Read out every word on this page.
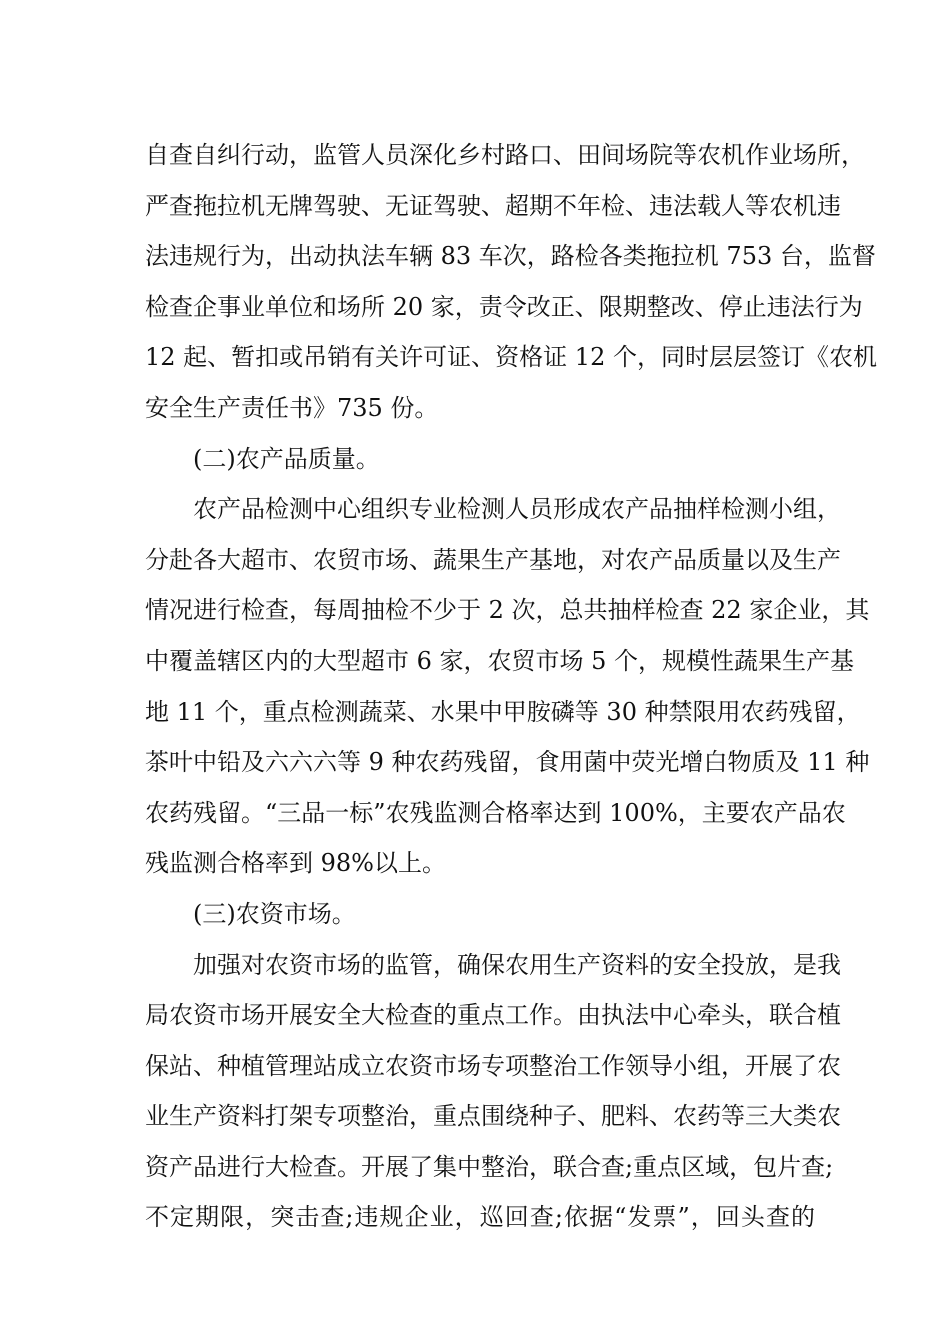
自查自纠行动，监管人员深化乡村路口、田间场院等农机作业场所，
严查拖拉机无牌驾驶、无证驾驶、超期不年检、违法载人等农机违
法违规行为，出动执法车辆 83 车次，路检各类拖拉机 753 台，监督
检查企事业单位和场所 20 家，责令改正、限期整改、停止违法行为
12 起、暂扣或吊销有关许可证、资格证 12 个，同时层层签订《农机
安全生产责任书》735 份。
(二)农产品质量。
农产品检测中心组织专业检测人员形成农产品抽样检测小组，
分赴各大超市、农贸市场、蔬果生产基地，对农产品质量以及生产
情况进行检查，每周抽检不少于 2 次，总共抽样检查 22 家企业，其
中覆盖辖区内的大型超市 6 家，农贸市场 5 个，规模性蔬果生产基
地 11 个，重点检测蔬菜、水果中甲胺磷等 30 种禁限用农药残留，
茶叶中铅及六六六等 9 种农药残留，食用菌中荧光增白物质及 11 种
农药残留。“三品一标”农残监测合格率达到 100%，主要农产品农
残监测合格率到 98%以上。
(三)农资市场。
加强对农资市场的监管，确保农用生产资料的安全投放，是我
局农资市场开展安全大检查的重点工作。由执法中心牵头，联合植
保站、种植管理站成立农资市场专项整治工作领导小组，开展了农
业生产资料打架专项整治，重点围绕种子、肥料、农药等三大类农
资产品进行大检查。开展了集中整治，联合查;重点区域，包片查;
不定期限，突击查;违规企业，巡回查;依据“发票”，回头查的
